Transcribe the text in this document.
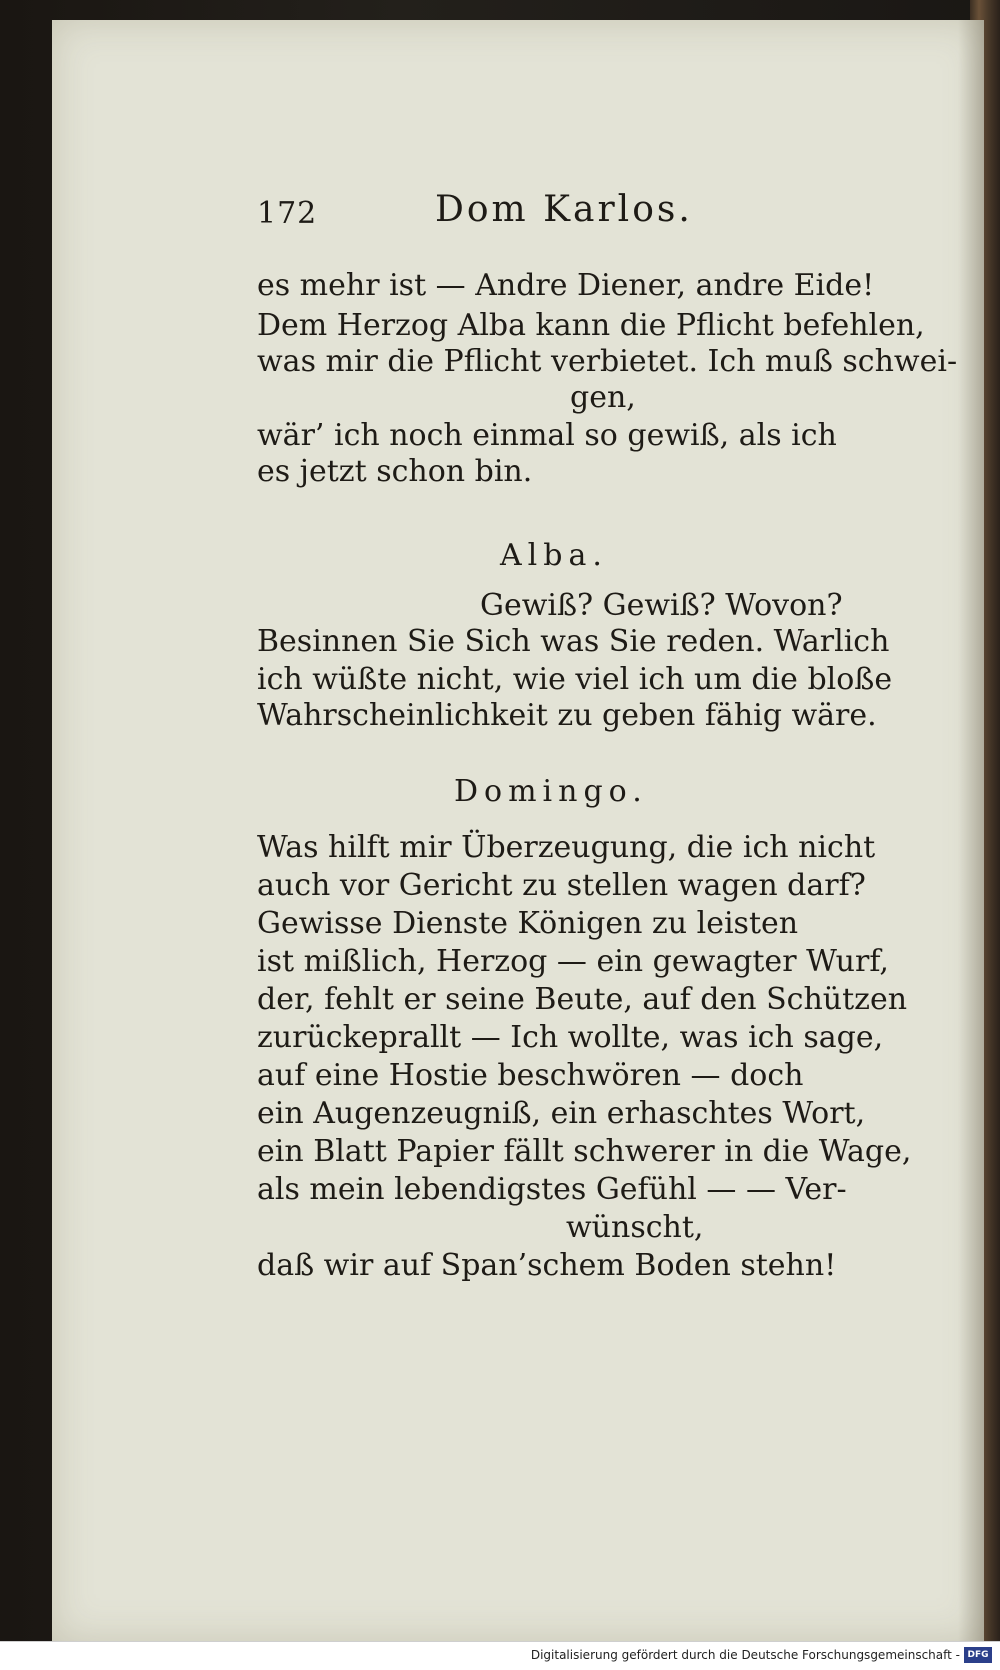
172	Dom Karlos.
es mehr ist — Andre Diener, andre Eide!
Dem Herzog Alba kann die Pflicht befehlen,
was mir die Pflicht verbietet. Ich muß schwei-
gen,
wär’ ich noch einmal so gewiß, als ich
es jetzt schon bin.
Alba.
Gewiß? Gewiß? Wovon?
Besinnen Sie Sich was Sie reden. Warlich
ich wüßte nicht, wie viel ich um die bloße
Wahrscheinlichkeit zu geben fähig wäre.
Domingo.
Was hilft mir Überzeugung, die ich nicht
auch vor Gericht zu stellen wagen darf?
Gewisse Dienste Königen zu leisten
ist mißlich, Herzog — ein gewagter Wurf,
der, fehlt er seine Beute, auf den Schützen
zurückeprallt — Ich wollte, was ich sage,
auf eine Hostie beschwören — doch
ein Augenzeugniß, ein erhaschtes Wort,
ein Blatt Papier fällt schwerer in die Wage,
als mein lebendigstes Gefühl — — Ver-
wünscht,
daß wir auf Span’schem Boden stehn!
Digitalisierung gefördert durch die Deutsche Forschungsgemeinschaft - DFG
